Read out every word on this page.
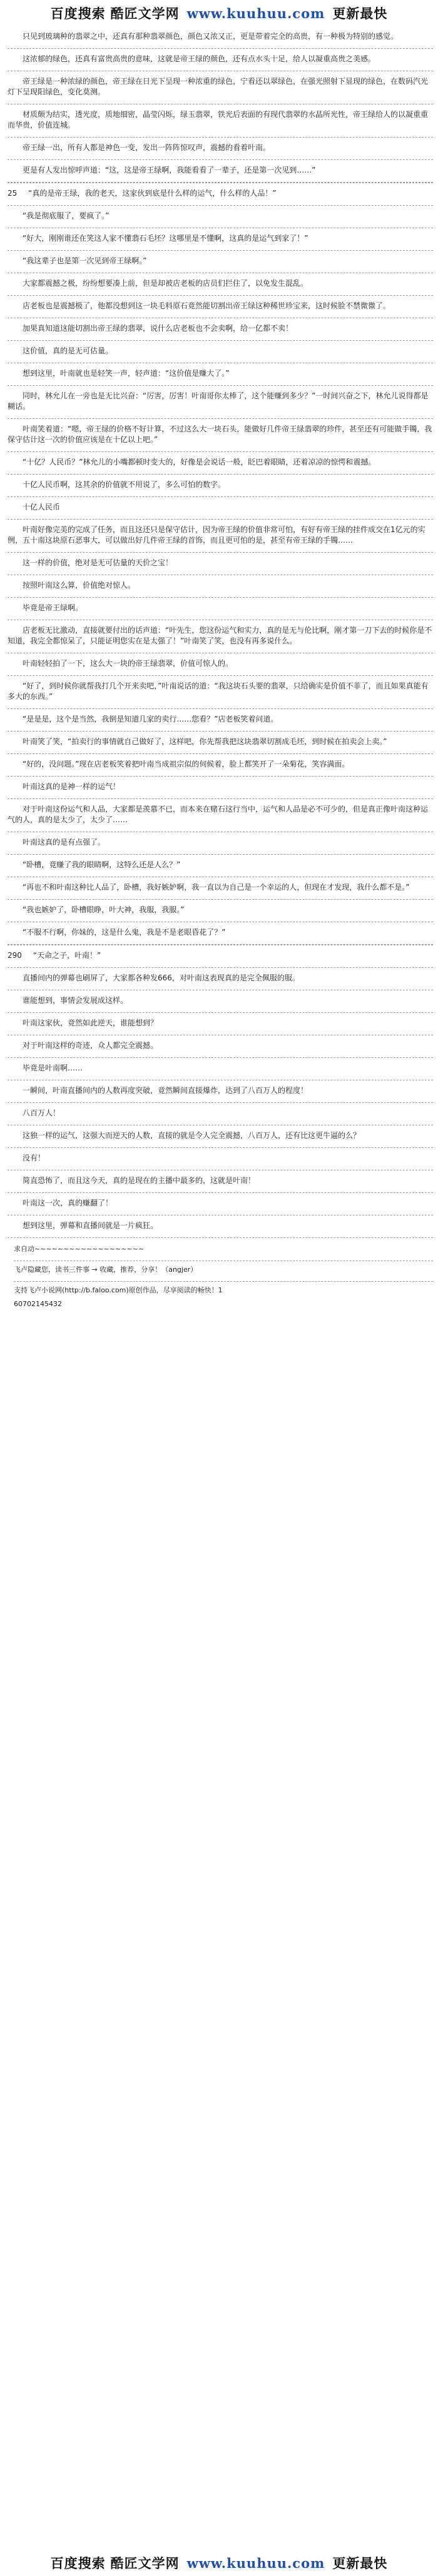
百度搜索 酷匠文学网 www.kuuhuu.com 更新最快

只见到玻璃种的翡翠之中，还真有那种翡翠颜色，颜色又浓又正，更是带着完全的高贵，有一种极为特别的感觉。

这浓郁的绿色，还真有富贵高贵的意味，这就是帝王绿的颜色，还有点水头十足，给人以凝重高贵之美感。

帝王绿是一种浓绿的颜色，帝王绿在日光下呈现一种浓重的绿色，宁看还以翠绿色，在强光照射下显现的绿色，在数码汽光灯下呈现阳绿色，变化莫测。

材质颇为结实，透光度，质地细密，晶莹闪烁，绿玉翡翠，铁光后表面的有现代翡翠的水晶所光性，帝王绿给人的以凝重重而华贵，价值连城。

帝王绿一出，所有人都是神色一变，发出一阵阵惊叹声，震撼的看着叶南。

更是有人发出惊呼声道：“这，这是帝王绿啊，我能看看了一辈子，还是第一次见到……”

25 “真的是帝王绿，我的老天，这家伙到底是什么样的运气，什么样的人品！”

“我是彻底服了，要疯了。”

“好大，刚刚谁还在笑这人家不懂翡石毛坯？这哪里是不懂啊，这真的是运气到家了！”

“我这辈子也是第一次见到帝王绿啊。”

大家都震撼之极，纷纷想要凑上前，但是却被店老板的店员们拦住了，以免发生混乱。

店老板也是震撼极了，他都没想到这一块毛料原石竟然能切割出帝王绿这种稀世珍宝来，这时候脸不禁微微了。

加果真知道这能切割出帝王绿的翡翠，说什么店老板也不会卖啊，给一亿都不卖！

这价值，真的是无可估量。

想到这里，叶南就也是轻笑一声，轻声道：“这价值是赚大了。”

同时，林允儿在一旁也是无比兴奋：“厉害，厉害！叶南哥你太棒了，这个能赚到多少？”一时间兴奋之下，林允儿说得都是糊话。

叶南笑着道：“嗯，帝王绿的价格不好计算，不过这么大一块石头，能做好几件帝王绿翡翠的珍件，甚至还有可能做手镯，我保守估计这一次的价值应该是在十亿以上吧。”

“十亿？人民币？”林允儿的小嘴都顿时变大的，好像是会说话一般，眨巴着眼睛，还着凉凉的惊愕和震撼。

十亿人民币啊，这其余的价值就不用说了，多么可怕的数字。

十亿人民币

叶南好像完美的完成了任务，而且这还只是保守估计，因为帝王绿的价值非常可怕，有好有帝王绿的挂件成交在1亿元的实例，五十南这块原石恶事大，可以做出好几件帝王绿的首饰，而且更可怕的是，甚至有帝王绿的手镯……

这一样的价值，绝对是无可估量的天价之宝！

按照叶南这么算，价值绝对惊人。

毕竟是帝王绿啊。

店老板无比激动，直接就要付出的话声道：“叶先生，您这份运气和实力，真的是无与伦比啊，刚才第一刀下去的时候你是不知道，我完全都惊呆了，只能证明您实在是太强了！”叶南笑了笑，也没有再多说什么。

叶南轻轻拍了一下，这么大一块的帝王绿翡翠，价值可惊人的。

“好了，到时候你就帮我打几个开来卖吧，”叶南说话的道：“我这块石头要的翡翠，只给确实是价值不菲了，而且如果真能有多大的东西。”

“是是是，这个是当然，我倒是知道几家的卖行……您看？”店老板笑着问道。

叶南笑了笑，“拍卖行的事情就自己做好了，这样吧，你先帮我把这块翡翠切割成毛坯，到时候在拍卖会上卖。”

“好的，没问题。”现在店老板笑着把叶南当成祖宗似的伺候着，脸上都笑开了一朵菊花，笑容满面。

叶南这真的是神一样的运气！

对于叶南这份运气和人品，大家都是羡慕不已，而本来在赌石这行当中，运气和人品是必不可少的，但是真正像叶南这种运气的人，真的是太少了，太少了……

叶南这真的是有点强了。

“卧槽，竟赚了我的眼睛啊，这特么还是人么？”

“再也不和叶南这种比人品了，卧槽，我好嫉妒啊，我一直以为自己是一个幸运的人，但现在才发现，我什么都不是。”

“我也嫉妒了，卧槽眼睁，叶大神，我服，我服。”

“不服不行啊，你妹的，这是什么鬼，我是不是老眼昏花了？”

290 “天命之子，叶南！”

直播间内的弹幕也刷屏了，大家都各种发666，对叶南这表现真的是完全佩服的服。

谁能想到，事情会发展成这样。

叶南这家伙，竟然如此逆天，谁能想到？

对于叶南这样的奇迹，众人都完全震撼。

毕竟是叶南啊……

一瞬间，叶南直播间内的人数再度突破，竟然瞬间直接爆炸，达到了八百万人的程度！

八百万人！

这独一样的运气，这强大而逆天的人数，直接的就是令人完全震撼，八百万人，还有比这更牛逼的么？

没有！

简直恐怖了，而且这今天，真的是现在的主播中最多的，这就是叶南！

叶南这一次，真的赚翻了！

想到这里，弹幕和直播间就是一片疯狂。

求自动~~~~~~~~~~~~~~~~~~~
飞卢隐藏您，读书三件事 → 收藏，推荐，分享！（angjer）
支持飞卢小说网(http://b.faloo.com)原创作品，尽享阅读的畅快！1
60702145432
百度搜索 酷匠文学网 www.kuuhuu.com 更新最快
